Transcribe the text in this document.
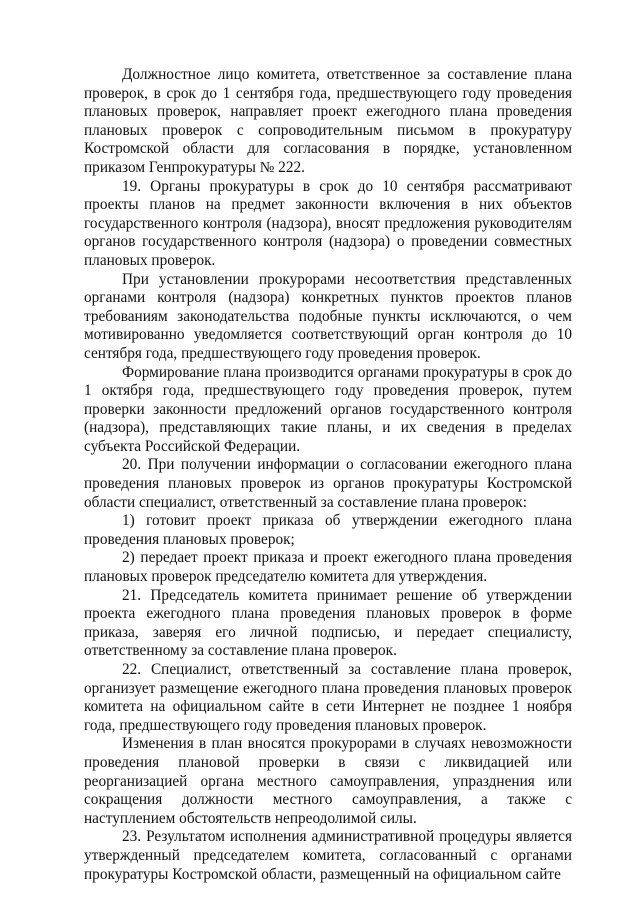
Должностное лицо комитета, ответственное за составление плана проверок, в срок до 1 сентября года, предшествующего году проведения плановых проверок, направляет проект ежегодного плана проведения плановых проверок с сопроводительным письмом в прокуратуру Костромской области для согласования в порядке, установленном приказом Генпрокуратуры № 222.

19. Органы прокуратуры в срок до 10 сентября рассматривают проекты планов на предмет законности включения в них объектов государственного контроля (надзора), вносят предложения руководителям органов государственного контроля (надзора) о проведении совместных плановых проверок.

При установлении прокурорами несоответствия представленных органами контроля (надзора) конкретных пунктов проектов планов требованиям законодательства подобные пункты исключаются, о чем мотивированно уведомляется соответствующий орган контроля до 10 сентября года, предшествующего году проведения проверок.

Формирование плана производится органами прокуратуры в срок до 1 октября года, предшествующего году проведения проверок, путем проверки законности предложений органов государственного контроля (надзора), представляющих такие планы, и их сведения в пределах субъекта Российской Федерации.

20. При получении информации о согласовании ежегодного плана проведения плановых проверок из органов прокуратуры Костромской области специалист, ответственный за составление плана проверок:

1) готовит проект приказа об утверждении ежегодного плана проведения плановых проверок;

2) передает проект приказа и проект ежегодного плана проведения плановых проверок председателю комитета для утверждения.

21. Председатель комитета принимает решение об утверждении проекта ежегодного плана проведения плановых проверок в форме приказа, заверяя его личной подписью, и передает специалисту, ответственному за составление плана проверок.

22. Специалист, ответственный за составление плана проверок, организует размещение ежегодного плана проведения плановых проверок комитета на официальном сайте в сети Интернет не позднее 1 ноября года, предшествующего году проведения плановых проверок.

Изменения в план вносятся прокурорами в случаях невозможности проведения плановой проверки в связи с ликвидацией или реорганизацией органа местного самоуправления, упразднения или сокращения должности местного самоуправления, а также с наступлением обстоятельств непреодолимой силы.

23. Результатом исполнения административной процедуры является утвержденный председателем комитета, согласованный с органами прокуратуры Костромской области, размещенный на официальном сайте
